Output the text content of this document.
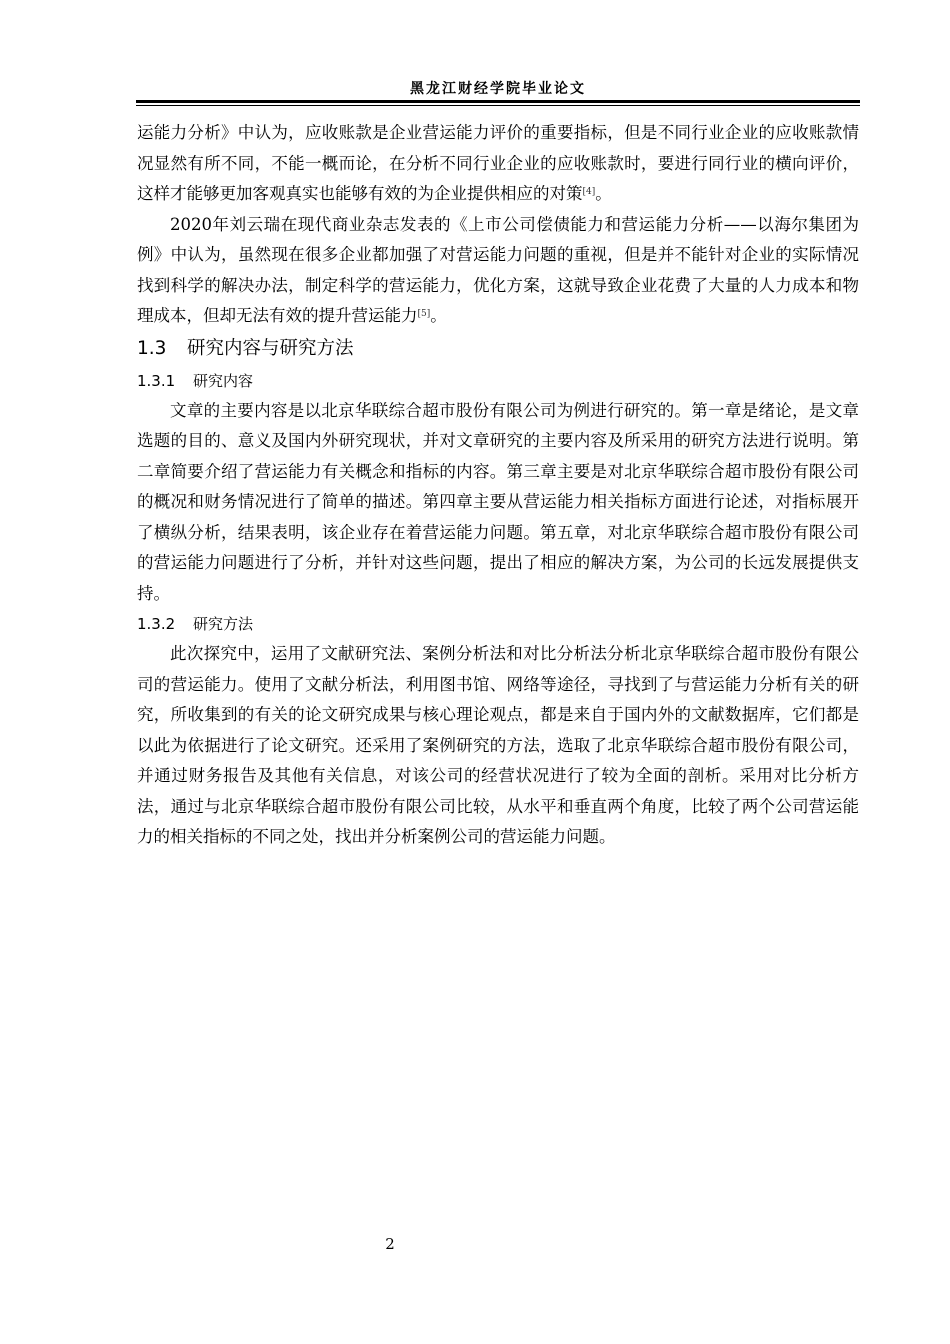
黑龙江财经学院毕业论文

运能力分析》中认为，应收账款是企业营运能力评价的重要指标，但是不同行业企业的应收账款情况显然有所不同，不能一概而论，在分析不同行业企业的应收账款时，要进行同行业的横向评价，这样才能够更加客观真实也能够有效的为企业提供相应的对策[4]。

2020年刘云瑞在现代商业杂志发表的《上市公司偿债能力和营运能力分析——以海尔集团为例》中认为，虽然现在很多企业都加强了对营运能力问题的重视，但是并不能针对企业的实际情况找到科学的解决办法，制定科学的营运能力，优化方案，这就导致企业花费了大量的人力成本和物理成本，但却无法有效的提升营运能力[5]。

1.3 研究内容与研究方法
1.3.1 研究内容

文章的主要内容是以北京华联综合超市股份有限公司为例进行研究的。第一章是绪论，是文章选题的目的、意义及国内外研究现状，并对文章研究的主要内容及所采用的研究方法进行说明。第二章简要介绍了营运能力有关概念和指标的内容。第三章主要是对北京华联综合超市股份有限公司的概况和财务情况进行了简单的描述。第四章主要从营运能力相关指标方面进行论述，对指标展开了横纵分析，结果表明，该企业存在着营运能力问题。第五章，对北京华联综合超市股份有限公司的营运能力问题进行了分析，并针对这些问题，提出了相应的解决方案，为公司的长远发展提供支持。

1.3.2 研究方法

此次探究中，运用了文献研究法、案例分析法和对比分析法分析北京华联综合超市股份有限公司的营运能力。使用了文献分析法，利用图书馆、网络等途径，寻找到了与营运能力分析有关的研究，所收集到的有关的论文研究成果与核心理论观点，都是来自于国内外的文献数据库，它们都是以此为依据进行了论文研究。还采用了案例研究的方法，选取了北京华联综合超市股份有限公司，并通过财务报告及其他有关信息，对该公司的经营状况进行了较为全面的剖析。采用对比分析方法，通过与北京华联综合超市股份有限公司比较，从水平和垂直两个角度，比较了两个公司营运能力的相关指标的不同之处，找出并分析案例公司的营运能力问题。

2
